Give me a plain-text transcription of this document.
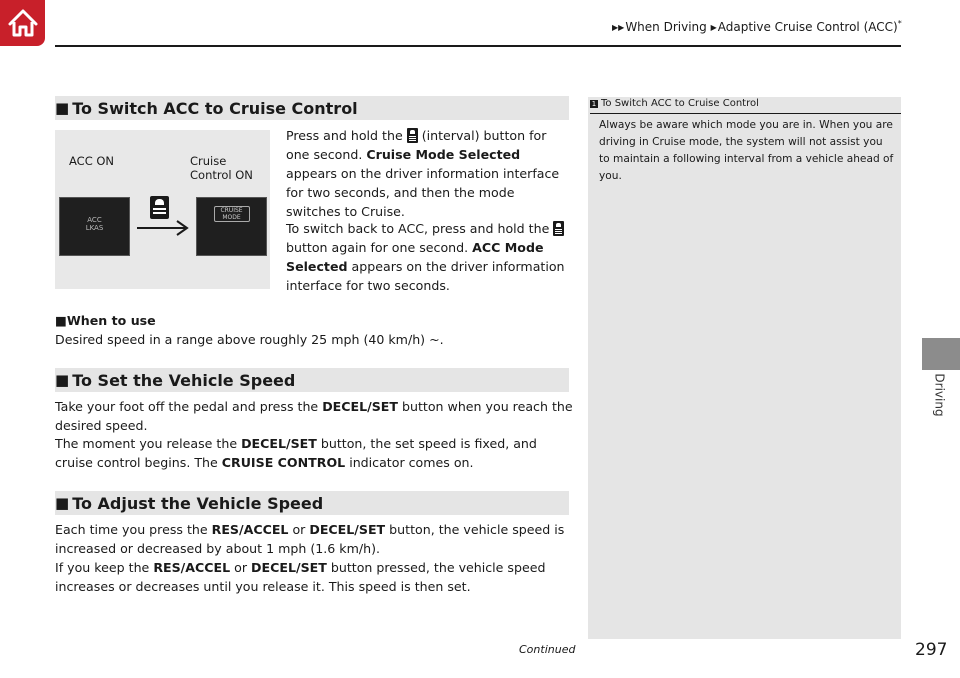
▶▶When Driving ▶Adaptive Cruise Control (ACC)*
Driving
■ To Switch ACC to Cruise Control
ACC ON	Cruise
Control ON
ACC
LKAS
CRUISE
MODE
Press and hold the  (interval) button for one second. Cruise Mode Selected appears on the driver information interface for two seconds, and then the mode switches to Cruise.
To switch back to ACC, press and hold the  button again for one second. ACC Mode Selected appears on the driver information interface for two seconds.
■When to use
Desired speed in a range above roughly 25 mph (40 km/h) ~.
■ To Set the Vehicle Speed
Take your foot off the pedal and press the DECEL/SET button when you reach the desired speed.
The moment you release the DECEL/SET button, the set speed is fixed, and cruise control begins. The CRUISE CONTROL indicator comes on.
■ To Adjust the Vehicle Speed
Each time you press the RES/ACCEL or DECEL/SET button, the vehicle speed is increased or decreased by about 1 mph (1.6 km/h).
If you keep the RES/ACCEL or DECEL/SET button pressed, the vehicle speed increases or decreases until you release it. This speed is then set.
1 To Switch ACC to Cruise Control
Always be aware which mode you are in. When you are driving in Cruise mode, the system will not assist you to maintain a following interval from a vehicle ahead of you.
Continued	297
